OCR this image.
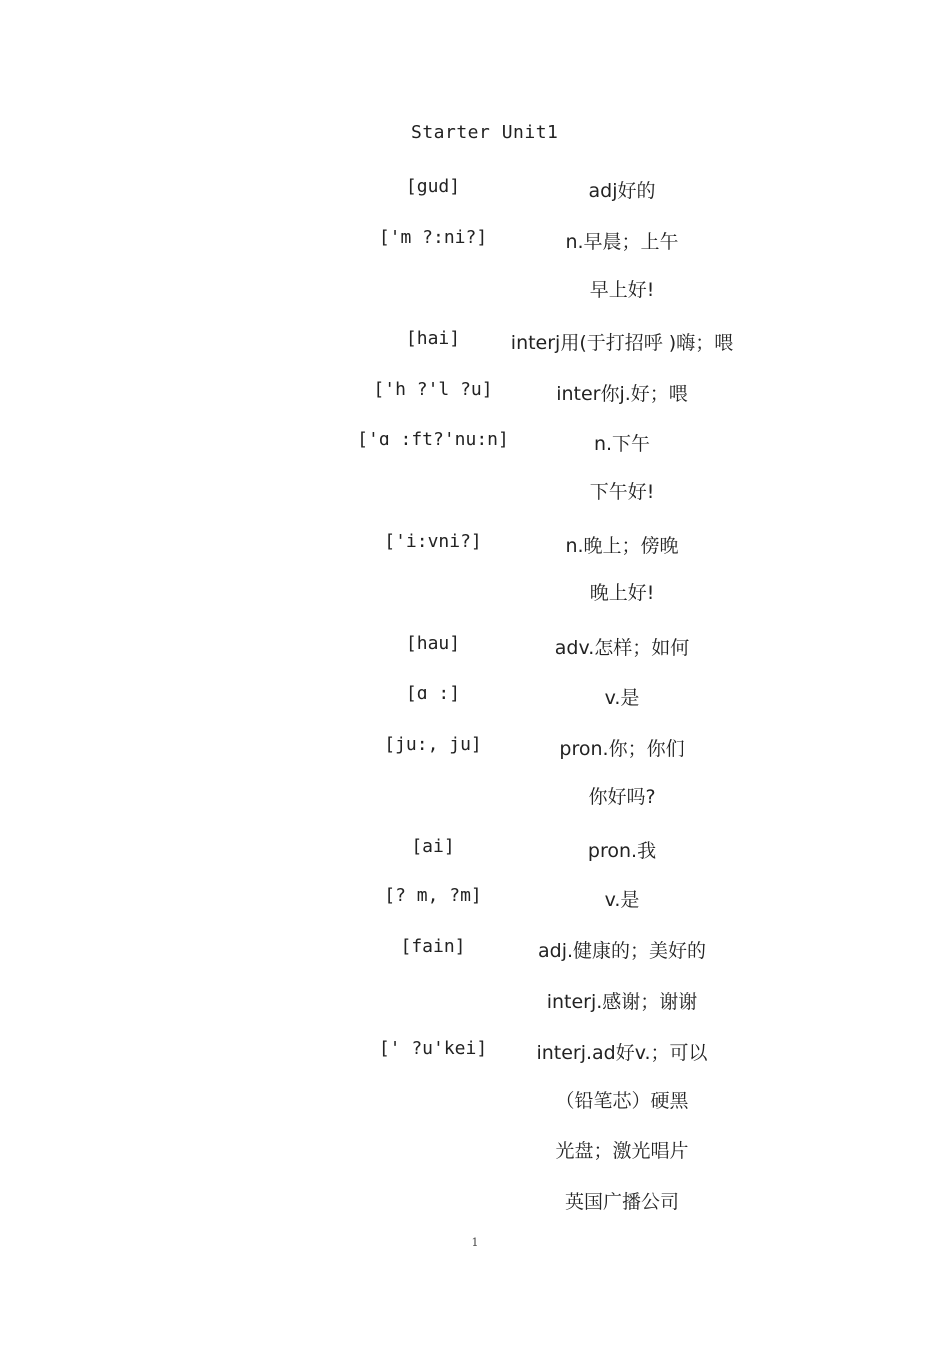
Starter Unit1
[gud]	adj好的
['m ?:ni?]	n.早晨；上午
早上好!
[hai]	interj用(于打招呼 )嗨；喂
['h ?'l ?u]	inter你j.好；喂
['ɑ :ft?'nu:n]	n.下午
下午好!
['i:vni?]	n.晚上；傍晚
晚上好!
[hau]	adv.怎样；如何
[ɑ :]	v.是
[ju:, ju]	pron.你；你们
你好吗?
[ai]	pron.我
[? m, ?m]	v.是
[fain]	adj.健康的；美好的
interj.感谢；谢谢
[' ?u'kei]	interj.ad好v.；可以
（铅笔芯）硬黑
光盘；激光唱片
英国广播公司
1
